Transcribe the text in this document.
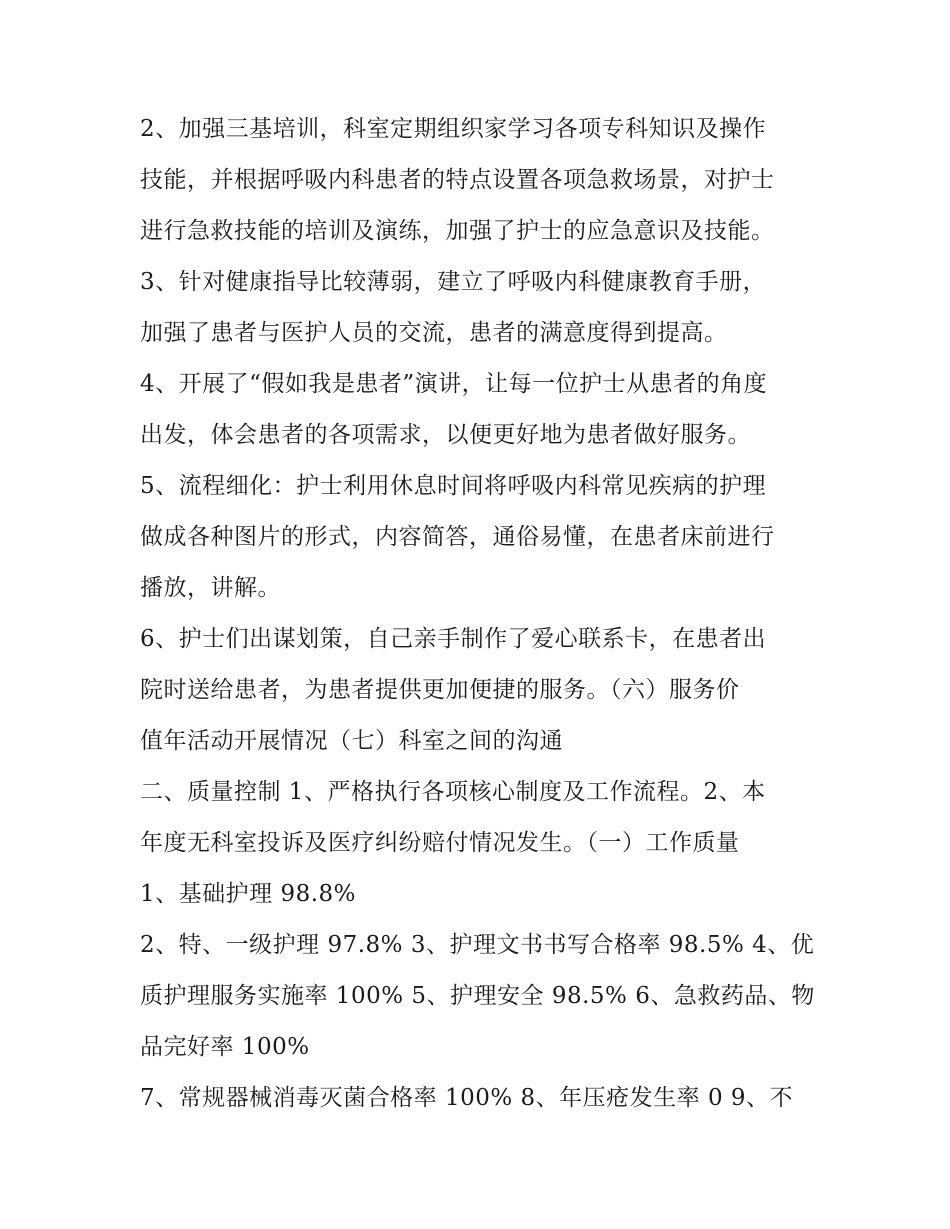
2、加强三基培训，科室定期组织家学习各项专科知识及操作
技能，并根据呼吸内科患者的特点设置各项急救场景，对护士
进行急救技能的培训及演练，加强了护士的应急意识及技能。
3、针对健康指导比较薄弱，建立了呼吸内科健康教育手册，
加强了患者与医护人员的交流，患者的满意度得到提高。
4、开展了“假如我是患者”演讲，让每一位护士从患者的角度
出发，体会患者的各项需求，以便更好地为患者做好服务。
5、流程细化：护士利用休息时间将呼吸内科常见疾病的护理
做成各种图片的形式，内容简答，通俗易懂，在患者床前进行
播放，讲解。
6、护士们出谋划策，自己亲手制作了爱心联系卡，在患者出
院时送给患者，为患者提供更加便捷的服务。（六）服务价
值年活动开展情况（七）科室之间的沟通
二、质量控制 1、严格执行各项核心制度及工作流程。2、本
年度无科室投诉及医疗纠纷赔付情况发生。（一）工作质量
1、基础护理 98.8%
2、特、一级护理 97.8% 3、护理文书书写合格率 98.5% 4、优
质护理服务实施率 100% 5、护理安全 98.5% 6、急救药品、物
品完好率 100%
7、常规器械消毒灭菌合格率 100% 8、年压疮发生率 0 9、不
